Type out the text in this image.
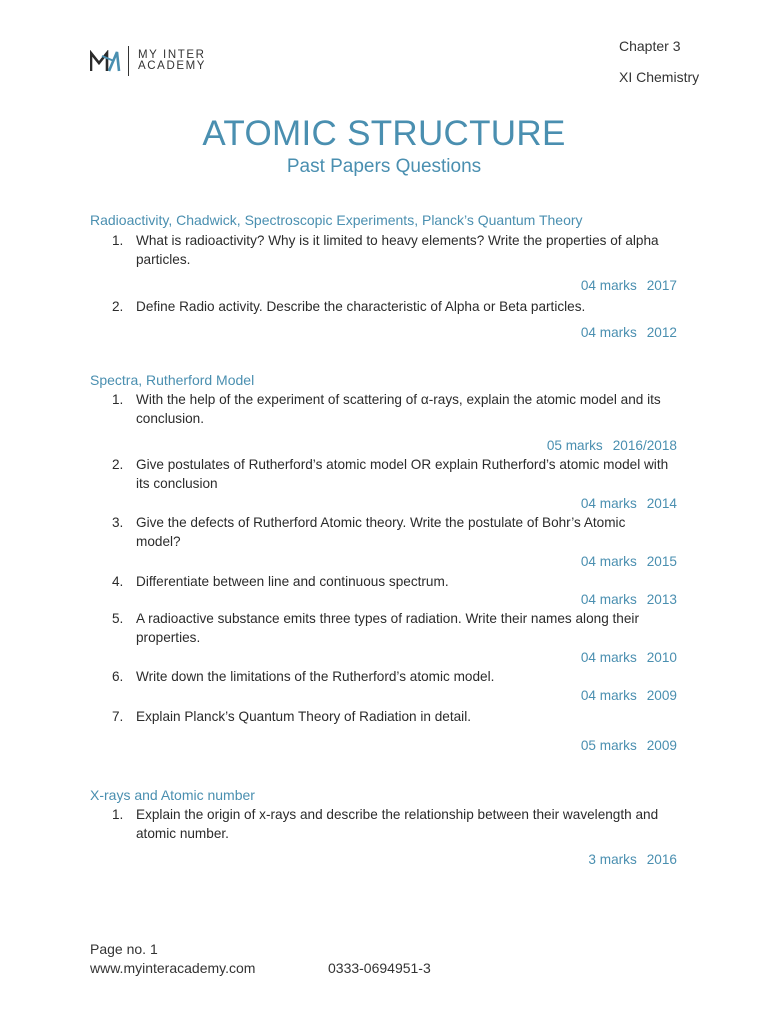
MY INTER
ACADEMY
Chapter 3
XI Chemistry
ATOMIC STRUCTURE
Past Papers Questions
Radioactivity, Chadwick, Spectroscopic Experiments, Planck’s Quantum Theory
1. What is radioactivity? Why is it limited to heavy elements? Write the properties of alpha particles.
04 marks 2017
2. Define Radio activity. Describe the characteristic of Alpha or Beta particles.
04 marks 2012
Spectra, Rutherford Model
1. With the help of the experiment of scattering of α-rays, explain the atomic model and its conclusion.
05 marks 2016/2018
2. Give postulates of Rutherford’s atomic model OR explain Rutherford’s atomic model with its conclusion
04 marks 2014
3. Give the defects of Rutherford Atomic theory. Write the postulate of Bohr’s Atomic model?
04 marks 2015
4. Differentiate between line and continuous spectrum.
04 marks 2013
5. A radioactive substance emits three types of radiation. Write their names along their properties.
04 marks 2010
6. Write down the limitations of the Rutherford’s atomic model.
04 marks 2009
7. Explain Planck’s Quantum Theory of Radiation in detail.
05 marks 2009
X-rays and Atomic number
1. Explain the origin of x-rays and describe the relationship between their wavelength and atomic number.
3 marks 2016
Page no. 1
www.myinteracademy.com	0333-0694951-3
